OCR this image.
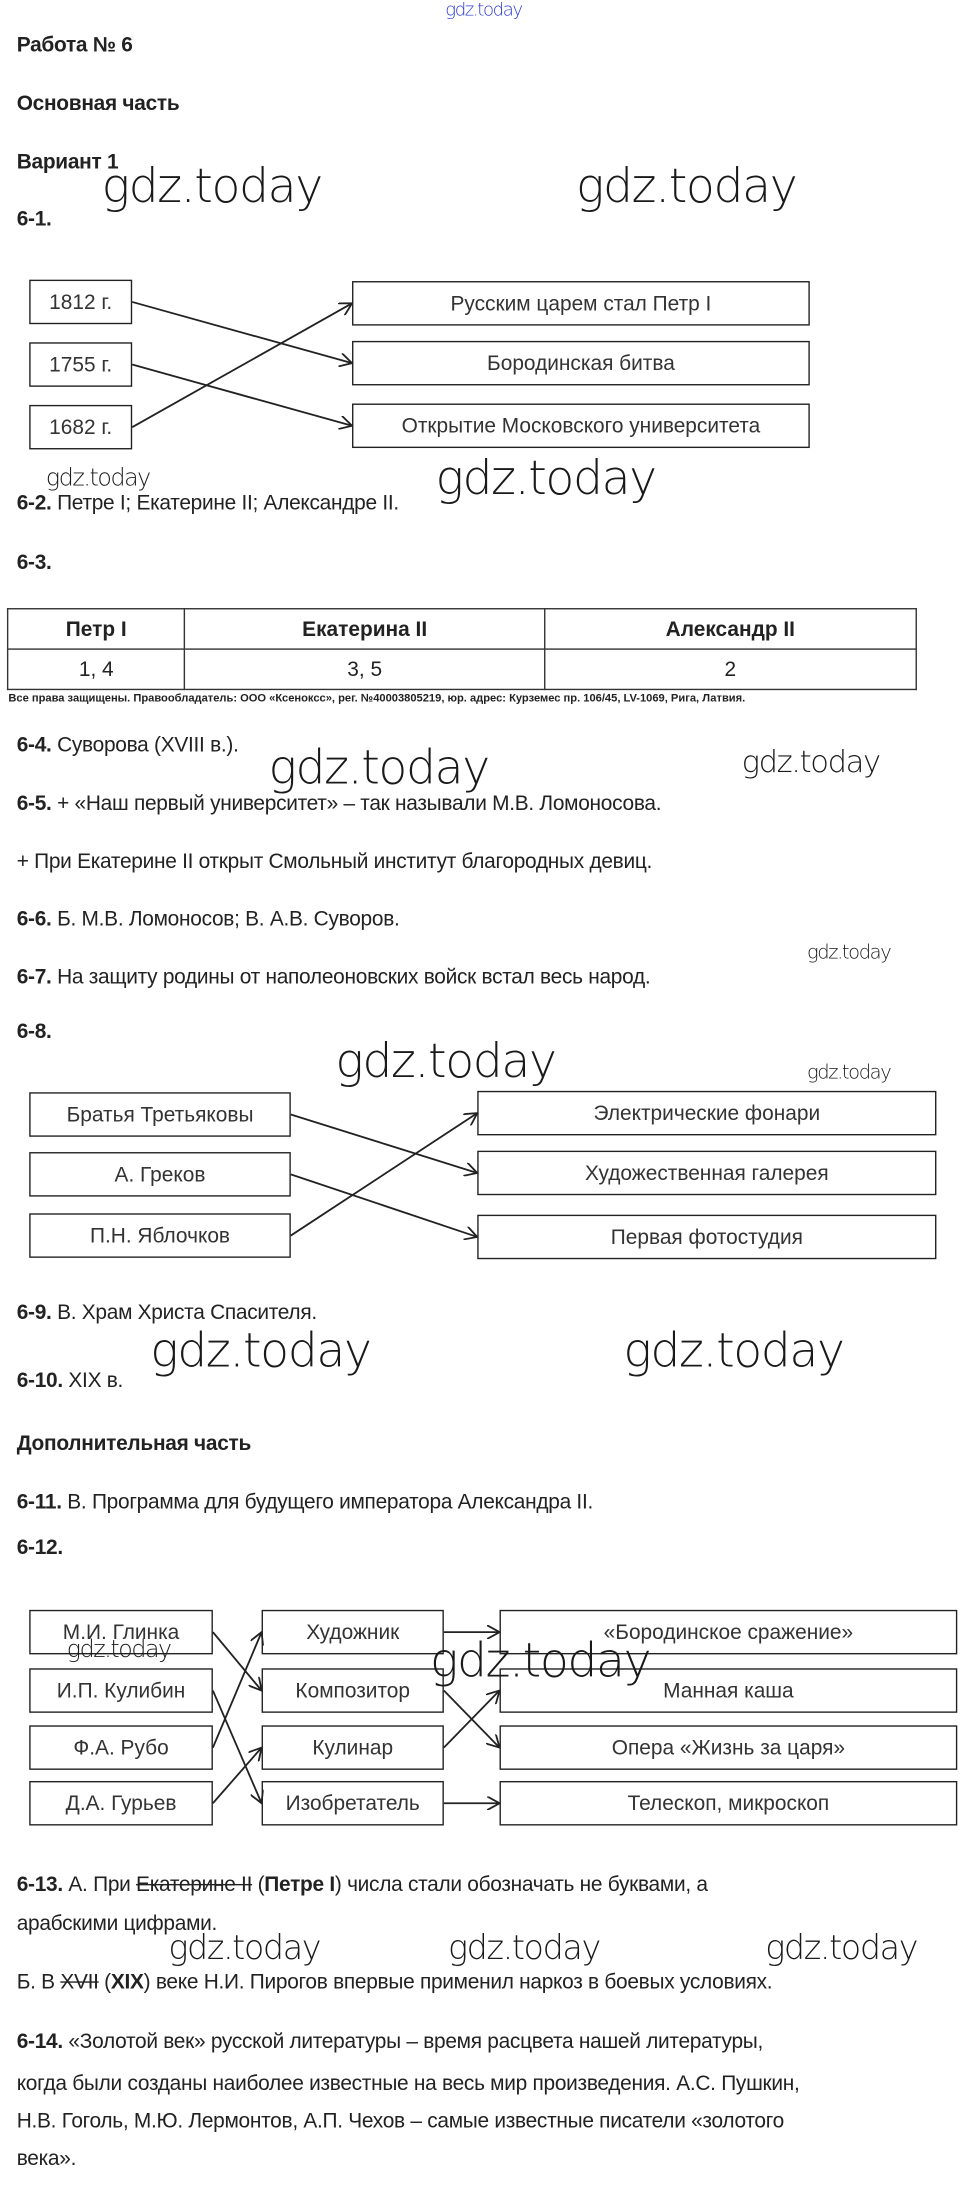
gdz.today
Работа № 6
Основная часть
Вариант 1
gdz.today	gdz.today
6-1.
1812 г.
1755 г.
1682 г.
Русским царем стал Петр I
Бородинская битва
Открытие Московского университета
gdz.today	gdz.today
6-2. Петре I; Екатерине II; Александре II.
6-3.
Петр I	Екатерина II	Александр II
1, 4	3, 5	2
Все права защищены. Правообладатель: ООО «Ксеноксс», рег. №40003805219, юр. адрес: Курземес пр. 106/45, LV-1069, Рига, Латвия.
6-4. Суворова (XVIII в.). gdz.today	gdz.today
6-5. + «Наш первый университет» – так называли М.В. Ломоносова.
+ При Екатерине II открыт Смольный институт благородных девиц.
6-6. Б. М.В. Ломоносов; В. А.В. Суворов.
gdz.today
6-7. На защиту родины от наполеоновских войск встал весь народ.
6-8.
gdz.today	gdz.today
Братья Третьяковы
А. Греков
П.Н. Яблочков
Электрические фонари
Художественная галерея
Первая фотостудия
6-9. В. Храм Христа Спасителя.
gdz.today	gdz.today
6-10. XIX в.
Дополнительная часть
6-11. В. Программа для будущего императора Александра II.
6-12.
М.И. Глинка	Художник	«Бородинское сражение»
И.П. Кулибин	Композитор	Манная каша
Ф.А. Рубо	Кулинар	Опера «Жизнь за царя»
Д.А. Гурьев	Изобретатель	Телескоп, микроскоп
gdz.today	gdz.today
6-13. А. При Екатерине II (Петре I) числа стали обозначать не буквами, а
арабскими цифрами.
gdz.today	gdz.today	gdz.today
Б. В XVII (XIX) веке Н.И. Пирогов впервые применил наркоз в боевых условиях.
6-14. «Золотой век» русской литературы – время расцвета нашей литературы,
когда были созданы наиболее известные на весь мир произведения. А.С. Пушкин,
Н.В. Гоголь, М.Ю. Лермонтов, А.П. Чехов – самые известные писатели «золотого
века».
